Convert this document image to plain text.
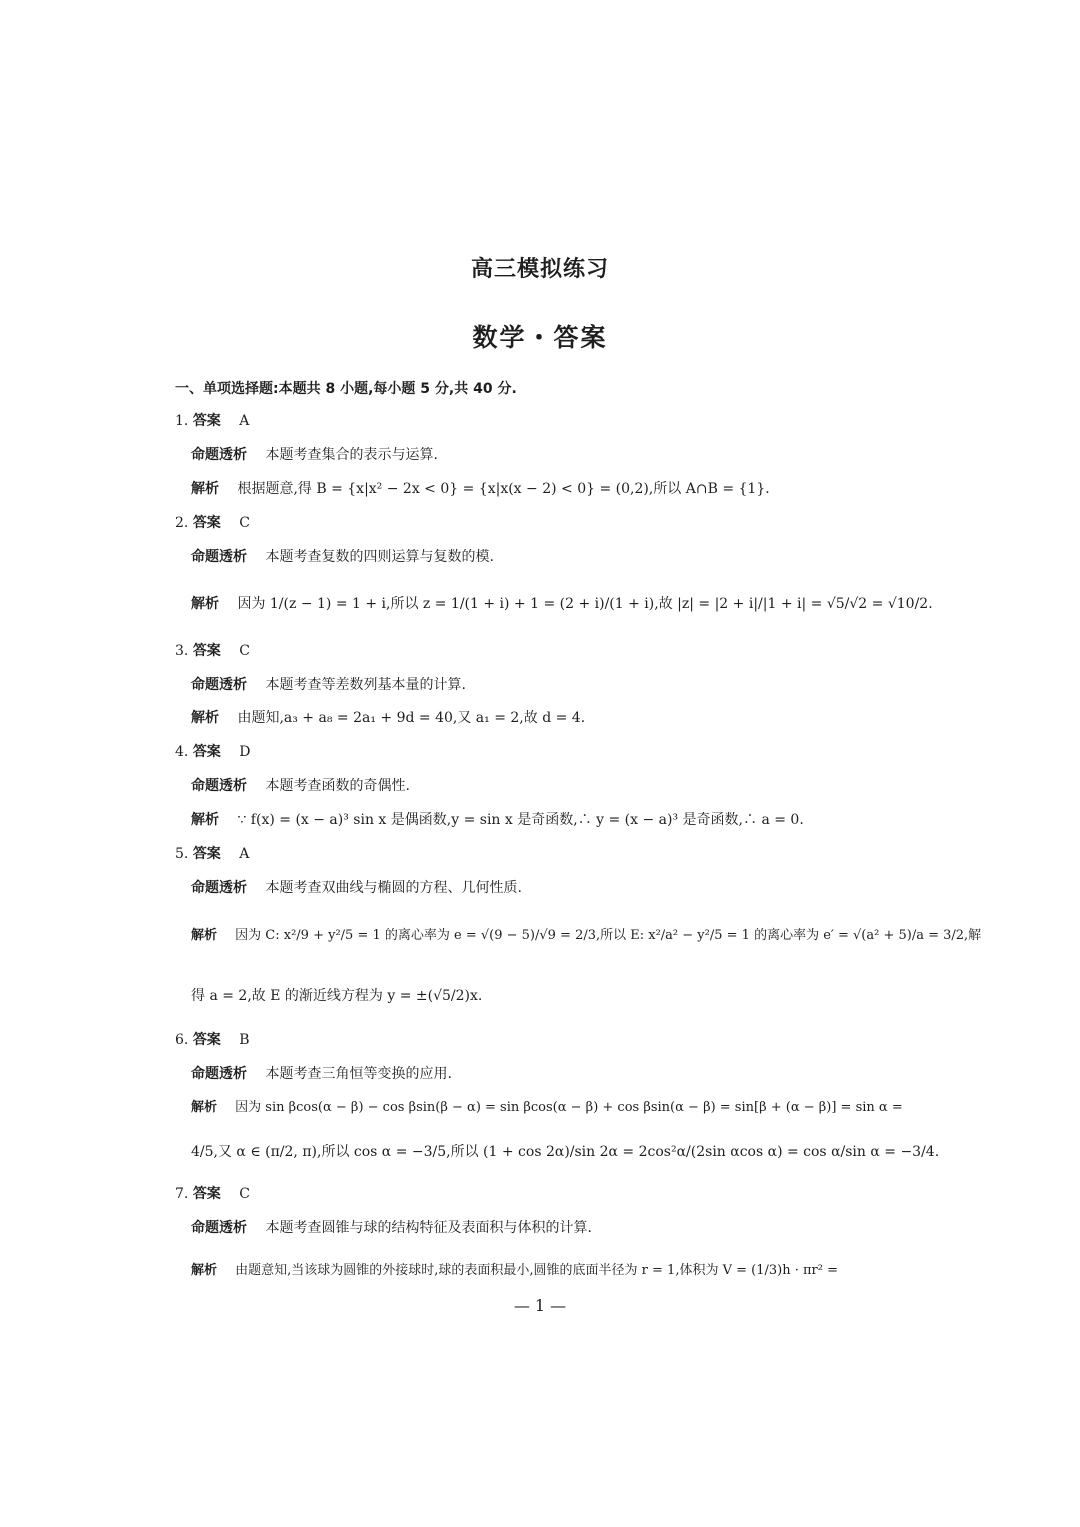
高三模拟练习
数学・答案
一、单项选择题:本题共 8 小题,每小题 5 分,共 40 分.
1. 答案 A
命题透析 本题考查集合的表示与运算.
解析 根据题意,得 B = {x|x² − 2x < 0} = {x|x(x − 2) < 0} = (0,2),所以 A∩B = {1}.
2. 答案 C
命题透析 本题考查复数的四则运算与复数的模.
解析 因为 1/(z − 1) = 1 + i,所以 z = 1/(1 + i) + 1 = (2 + i)/(1 + i),故 |z| = |2 + i|/|1 + i| = √5/√2 = √10/2.
3. 答案 C
命题透析 本题考查等差数列基本量的计算.
解析 由题知,a₃ + a₈ = 2a₁ + 9d = 40,又 a₁ = 2,故 d = 4.
4. 答案 D
命题透析 本题考查函数的奇偶性.
解析 ∵ f(x) = (x − a)³ sin x 是偶函数,y = sin x 是奇函数,∴ y = (x − a)³ 是奇函数,∴ a = 0.
5. 答案 A
命题透析 本题考查双曲线与椭圆的方程、几何性质.
解析 因为 C: x²/9 + y²/5 = 1 的离心率为 e = √(9 − 5)/√9 = 2/3,所以 E: x²/a² − y²/5 = 1 的离心率为 e′ = √(a² + 5)/a = 3/2,解
得 a = 2,故 E 的渐近线方程为 y = ±(√5/2)x.
6. 答案 B
命题透析 本题考查三角恒等变换的应用.
解析 因为 sin βcos(α − β) − cos βsin(β − α) = sin βcos(α − β) + cos βsin(α − β) = sin[β + (α − β)] = sin α =
4/5,又 α ∈ (π/2, π),所以 cos α = −3/5,所以 (1 + cos 2α)/sin 2α = 2cos²α/(2sin αcos α) = cos α/sin α = −3/4.
7. 答案 C
命题透析 本题考查圆锥与球的结构特征及表面积与体积的计算.
解析 由题意知,当该球为圆锥的外接球时,球的表面积最小,圆锥的底面半径为 r = 1,体积为 V = (1/3)h · πr² =
— 1 —
